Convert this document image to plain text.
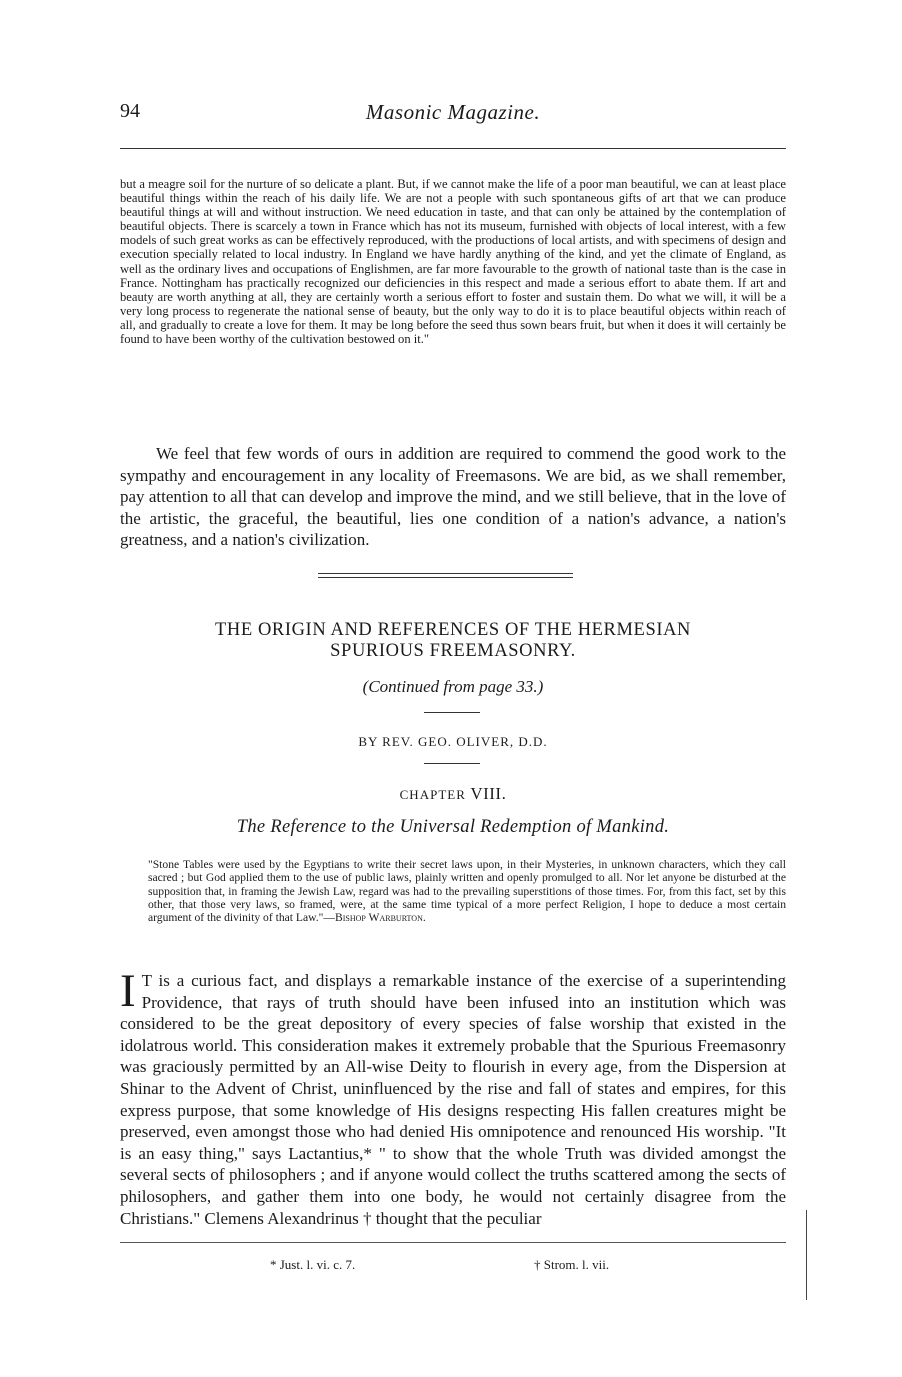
94	Masonic Magazine.

but a meagre soil for the nurture of so delicate a plant. But, if we cannot make the life of a poor man beautiful, we can at least place beautiful things within the reach of his daily life. We are not a people with such spontaneous gifts of art that we can produce beautiful things at will and without instruction. We need education in taste, and that can only be attained by the contemplation of beautiful objects. There is scarcely a town in France which has not its museum, furnished with objects of local interest, with a few models of such great works as can be effectively reproduced, with the productions of local artists, and with specimens of design and execution specially related to local industry. In England we have hardly anything of the kind, and yet the climate of England, as well as the ordinary lives and occupations of Englishmen, are far more favourable to the growth of national taste than is the case in France. Nottingham has practically recognized our deficiencies in this respect and made a serious effort to abate them. If art and beauty are worth anything at all, they are certainly worth a serious effort to foster and sustain them. Do what we will, it will be a very long process to regenerate the national sense of beauty, but the only way to do it is to place beautiful objects within reach of all, and gradually to create a love for them. It may be long before the seed thus sown bears fruit, but when it does it will certainly be found to have been worthy of the cultivation bestowed on it."

We feel that few words of ours in addition are required to commend the good work to the sympathy and encouragement in any locality of Freemasons. We are bid, as we shall remember, pay attention to all that can develop and improve the mind, and we still believe, that in the love of the artistic, the graceful, the beautiful, lies one condition of a nation's advance, a nation's greatness, and a nation's civilization.

THE ORIGIN AND REFERENCES OF THE HERMESIAN
SPURIOUS FREEMASONRY.
(Continued from page 33.)
BY REV. GEO. OLIVER, D.D.
CHAPTER VIII.
The Reference to the Universal Redemption of Mankind.

"Stone Tables were used by the Egyptians to write their secret laws upon, in their Mysteries, in unknown characters, which they call sacred ; but God applied them to the use of public laws, plainly written and openly promulged to all. Nor let anyone be disturbed at the supposition that, in framing the Jewish Law, regard was had to the prevailing superstitions of those times. For, from this fact, set by this other, that those very laws, so framed, were, at the same time typical of a more perfect Religion, I hope to deduce a most certain argument of the divinity of that Law."—Bishop Warburton.

I T is a curious fact, and displays a remarkable instance of the exercise of a superintending Providence, that rays of truth should have been infused into an institution which was considered to be the great depository of every species of false worship that existed in the idolatrous world. This consideration makes it extremely probable that the Spurious Freemasonry was graciously permitted by an All-wise Deity to flourish in every age, from the Dispersion at Shinar to the Advent of Christ, uninfluenced by the rise and fall of states and empires, for this express purpose, that some knowledge of His designs respecting His fallen creatures might be preserved, even amongst those who had denied His omnipotence and renounced His worship. "It is an easy thing," says Lactantius,* " to show that the whole Truth was divided amongst the several sects of philosophers ; and if anyone would collect the truths scattered among the sects of philosophers, and gather them into one body, he would not certainly disagree from the Christians." Clemens Alexandrinus † thought that the peculiar
* Just. l. vi. c. 7.	† Strom. l. vii.
